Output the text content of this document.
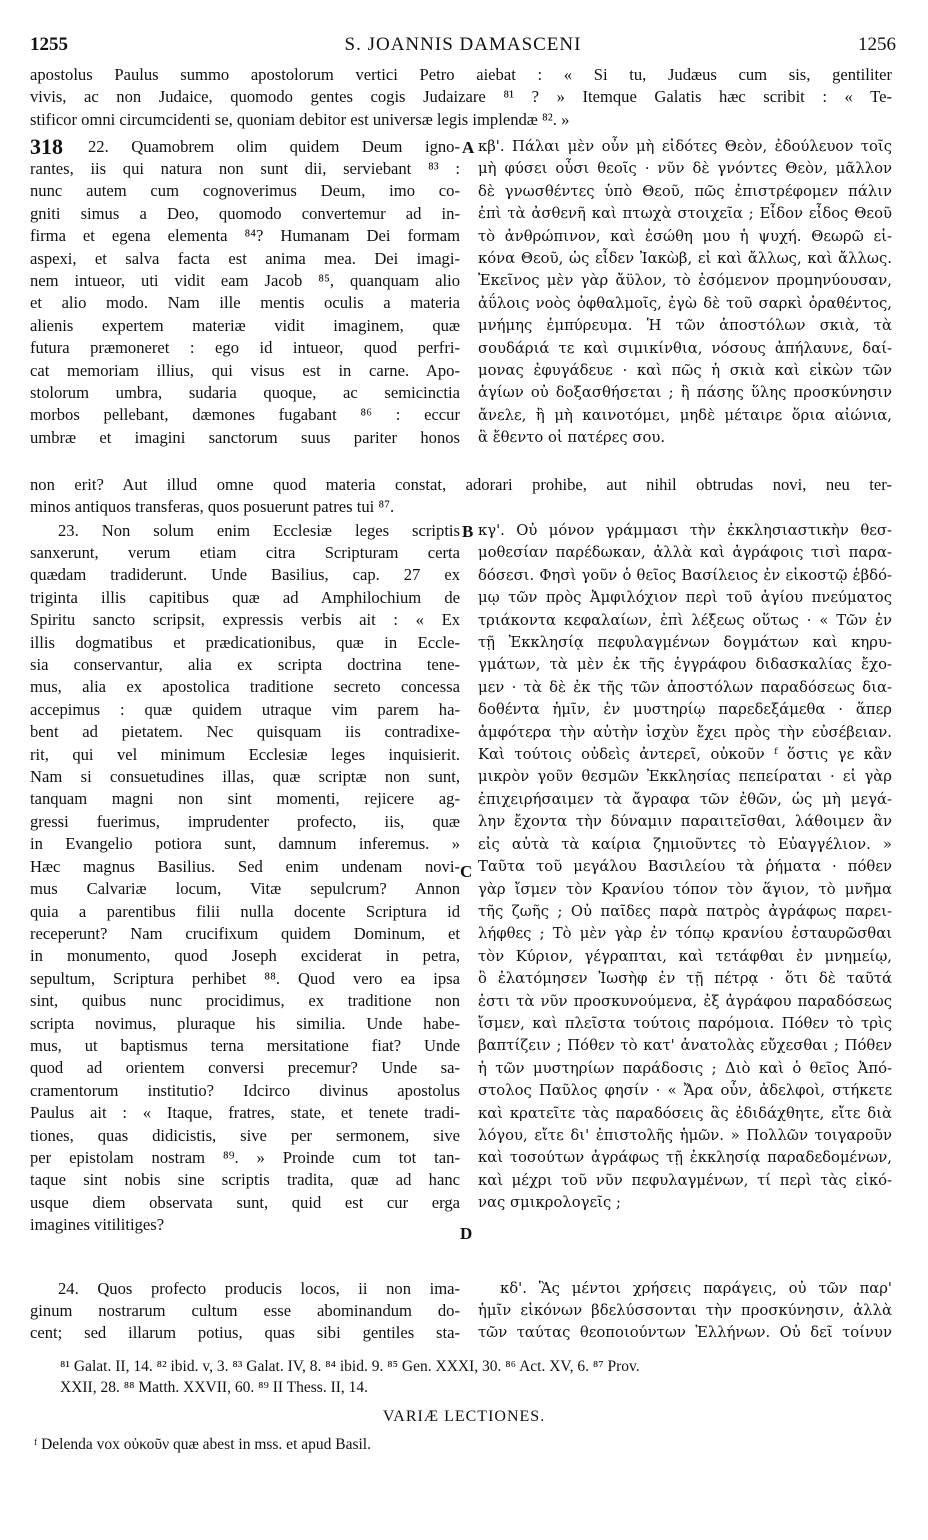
1255	S. JOANNIS DAMASCENI	1256
apostolus Paulus summo apostolorum vertici Petro aiebat : « Si tu, Judæus cum sis, gentiliter
vivis, ac non Judaice, quomodo gentes cogis Judaizare ⁸¹ ? » Itemque Galatis hæc scribit : « Te-
stificor omni circumcidenti se, quoniam debitor est universæ legis implendæ ⁸². »
318 22. Quamobrem olim quidem Deum igno-
rantes, iis qui natura non sunt dii, serviebant ⁸³ :
nunc autem cum cognoverimus Deum, imo co-
gniti simus a Deo, quomodo convertemur ad in-
firma et egena elementa ⁸⁴? Humanam Dei formam
aspexi, et salva facta est anima mea. Dei imagi-
nem intueor, uti vidit eam Jacob ⁸⁵, quanquam alio
et alio modo. Nam ille mentis oculis a materia
alienis expertem materiæ vidit imaginem, quæ
futura præmoneret : ego id intueor, quod perfri-
cat memoriam illius, qui visus est in carne. Apo-
stolorum umbra, sudaria quoque, ac semicinctia
morbos pellebant, dæmones fugabant ⁸⁶ : eccur
umbræ et imagini sanctorum suus pariter honos
A κβ'. Πάλαι μὲν οὖν μὴ εἰδότες Θεὸν, ἐδούλευον τοῖς
μὴ φύσει οὖσι θεοῖς · νῦν δὲ γνόντες Θεὸν, μᾶλλον
δὲ γνωσθέντες ὑπὸ Θεοῦ, πῶς ἐπιστρέφομεν πάλιν
ἐπὶ τὰ ἀσθενῆ καὶ πτωχὰ στοιχεῖα ; Εἶδον εἶδος Θεοῦ
τὸ ἀνθρώπινον, καὶ ἐσώθη μου ἡ ψυχή. Θεωρῶ εἰ-
κόνα Θεοῦ, ὡς εἶδεν Ἰακὼβ, εἰ καὶ ἄλλως, καὶ ἄλλως.
Ἐκεῖνος μὲν γὰρ ἄϋλον, τὸ ἐσόμενον προμηνύουσαν,
ἀΰλοις νοὸς ὀφθαλμοῖς, ἐγὼ δὲ τοῦ σαρκὶ ὁραθέντος,
μνήμης ἐμπύρευμα. Ἡ τῶν ἀποστόλων σκιὰ, τὰ
σουδάριά τε καὶ σιμικίνθια, νόσους ἀπήλαυνε, δαί-
μονας ἐφυγάδευε · καὶ πῶς ἡ σκιὰ καὶ εἰκὼν τῶν
ἁγίων οὐ δοξασθήσεται ; ἢ πάσης ὕλης προσκύνησιν
ἄνελε, ἢ μὴ καινοτόμει, μηδὲ μέταιρε ὅρια αἰώνια,
ἃ ἔθεντο οἱ πατέρες σου.
non erit? Aut illud omne quod materia constat, adorari prohibe, aut nihil obtrudas novi, neu ter-
minos antiquos transferas, quos posuerunt patres tui ⁸⁷.
23. Non solum enim Ecclesiæ leges scriptis
sanxerunt, verum etiam citra Scripturam certa
quædam tradiderunt. Unde Basilius, cap. 27 ex
triginta illis capitibus quæ ad Amphilochium de
Spiritu sancto scripsit, expressis verbis ait : « Ex
illis dogmatibus et prædicationibus, quæ in Eccle-
sia conservantur, alia ex scripta doctrina tene-
mus, alia ex apostolica traditione secreto concessa
accepimus : quæ quidem utraque vim parem ha-
bent ad pietatem. Nec quisquam iis contradixe-
rit, qui vel minimum Ecclesiæ leges inquisierit.
Nam si consuetudines illas, quæ scriptæ non sunt,
tanquam magni non sint momenti, rejicere ag-
gressi fuerimus, imprudenter profecto, iis, quæ
in Evangelio potiora sunt, damnum inferemus. »
Hæc magnus Basilius. Sed enim undenam novi-
mus Calvariæ locum, Vitæ sepulcrum? Annon
quia a parentibus filii nulla docente Scriptura id
receperunt? Nam crucifixum quidem Dominum, et
in monumento, quod Joseph exciderat in petra,
sepultum, Scriptura perhibet ⁸⁸. Quod vero ea ipsa
sint, quibus nunc procidimus, ex traditione non
scripta novimus, pluraque his similia. Unde habe-
mus, ut baptismus terna mersitatione fiat? Unde
quod ad orientem conversi precemur? Unde sa-
cramentorum institutio? Idcirco divinus apostolus
Paulus ait : « Itaque, fratres, state, et tenete tradi-
tiones, quas didicistis, sive per sermonem, sive
per epistolam nostram ⁸⁹. » Proinde cum tot tan-
taque sint nobis sine scriptis tradita, quæ ad hanc
usque diem observata sunt, quid est cur erga
imagines vitilitiges?
B
C
D
κγ'. Οὐ μόνον γράμμασι τὴν ἐκκλησιαστικὴν θεσ-
μοθεσίαν παρέδωκαν, ἀλλὰ καὶ ἀγράφοις τισὶ παρα-
δόσεσι. Φησὶ γοῦν ὁ θεῖος Βασίλειος ἐν εἰκοστῷ ἑβδό-
μῳ τῶν πρὸς Ἀμφιλόχιον περὶ τοῦ ἁγίου πνεύματος
τριάκοντα κεφαλαίων, ἐπὶ λέξεως οὕτως · « Τῶν ἐν
τῇ Ἐκκλησίᾳ πεφυλαγμένων δογμάτων καὶ κηρυ-
γμάτων, τὰ μὲν ἐκ τῆς ἐγγράφου διδασκαλίας ἔχο-
μεν · τὰ δὲ ἐκ τῆς τῶν ἀποστόλων παραδόσεως δια-
δοθέντα ἡμῖν, ἐν μυστηρίῳ παρεδεξάμεθα · ἅπερ
ἀμφότερα τὴν αὐτὴν ἰσχὺν ἔχει πρὸς τὴν εὐσέβειαν.
Καὶ τούτοις οὐδεὶς ἀντερεῖ, οὐκοῦν ᶠ ὅστις γε κἂν
μικρὸν γοῦν θεσμῶν Ἐκκλησίας πεπείραται · εἰ γὰρ
ἐπιχειρήσαιμεν τὰ ἄγραφα τῶν ἐθῶν, ὡς μὴ μεγά-
λην ἔχοντα τὴν δύναμιν παραιτεῖσθαι, λάθοιμεν ἂν
εἰς αὐτὰ τὰ καίρια ζημιοῦντες τὸ Εὐαγγέλιον. »
Ταῦτα τοῦ μεγάλου Βασιλείου τὰ ῥήματα · πόθεν
γὰρ ἴσμεν τὸν Κρανίου τόπον τὸν ἅγιον, τὸ μνῆμα
τῆς ζωῆς ; Οὐ παῖδες παρὰ πατρὸς ἀγράφως παρει-
λήφθες ; Τὸ μὲν γὰρ ἐν τόπῳ κρανίου ἐσταυρῶσθαι
τὸν Κύριον, γέγραπται, καὶ τετάφθαι ἐν μνημείῳ,
ὃ ἐλατόμησεν Ἰωσὴφ ἐν τῇ πέτρᾳ · ὅτι δὲ ταῦτά
ἐστι τὰ νῦν προσκυνούμενα, ἐξ ἀγράφου παραδόσεως
ἴσμεν, καὶ πλεῖστα τούτοις παρόμοια. Πόθεν τὸ τρὶς
βαπτίζειν ; Πόθεν τὸ κατ' ἀνατολὰς εὔχεσθαι ; Πόθεν
ἡ τῶν μυστηρίων παράδοσις ; Διὸ καὶ ὁ θεῖος Ἀπό-
στολος Παῦλος φησίν · « Ἄρα οὖν, ἀδελφοὶ, στήκετε
καὶ κρατεῖτε τὰς παραδόσεις ἃς ἐδιδάχθητε, εἴτε διὰ
λόγου, εἴτε δι' ἐπιστολῆς ἡμῶν. » Πολλῶν τοιγαροῦν
καὶ τοσούτων ἀγράφως τῇ ἐκκλησίᾳ παραδεδομένων,
καὶ μέχρι τοῦ νῦν πεφυλαγμένων, τί περὶ τὰς εἰκό-
νας σμικρολογεῖς ;
24. Quos profecto producis locos, ii non ima-
ginum nostrarum cultum esse abominandum do-
cent; sed illarum potius, quas sibi gentiles sta-
κδ'. Ἃς μέντοι χρήσεις παράγεις, οὐ τῶν παρ'
ἡμῖν εἰκόνων βδελύσσονται τὴν προσκύνησιν, ἀλλὰ
τῶν ταύτας θεοποιούντων Ἑλλήνων. Οὐ δεῖ τοίνυν
⁸¹ Galat. II, 14. ⁸² ibid. v, 3. ⁸³ Galat. IV, 8. ⁸⁴ ibid. 9. ⁸⁵ Gen. XXXI, 30. ⁸⁶ Act. XV, 6. ⁸⁷ Prov.
XXII, 28. ⁸⁸ Matth. XXVII, 60. ⁸⁹ II Thess. II, 14.
VARIÆ LECTIONES.
ᶠ Delenda vox οὐκοῦν quæ abest in mss. et apud Basil.
